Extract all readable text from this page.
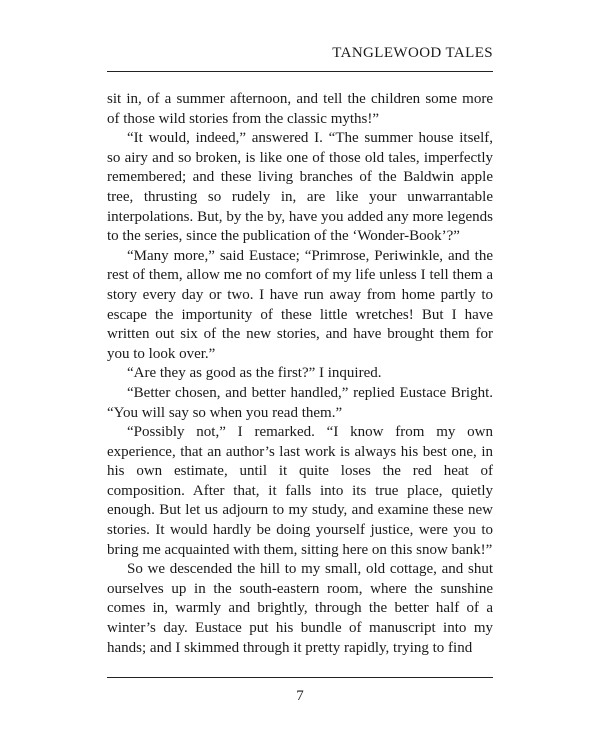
TANGLEWOOD TALES

sit in, of a summer afternoon, and tell the children some more of those wild stories from the classic myths!”

“It would, indeed,” answered I. “The summer house itself, so airy and so broken, is like one of those old tales, imperfectly remembered; and these living branches of the Baldwin apple tree, thrusting so rudely in, are like your unwarrantable interpolations. But, by the by, have you added any more legends to the series, since the publication of the ‘Wonder-Book’?”

“Many more,” said Eustace; “Primrose, Periwinkle, and the rest of them, allow me no comfort of my life unless I tell them a story every day or two. I have run away from home partly to escape the importunity of these little wretches! But I have written out six of the new stories, and have brought them for you to look over.”

“Are they as good as the first?” I inquired.

“Better chosen, and better handled,” replied Eustace Bright. “You will say so when you read them.”

“Possibly not,” I remarked. “I know from my own experience, that an author’s last work is always his best one, in his own estimate, until it quite loses the red heat of composition. After that, it falls into its true place, quietly enough. But let us adjourn to my study, and examine these new stories. It would hardly be doing yourself justice, were you to bring me acquainted with them, sitting here on this snow bank!”

So we descended the hill to my small, old cottage, and shut ourselves up in the south-eastern room, where the sunshine comes in, warmly and brightly, through the better half of a winter’s day. Eustace put his bundle of manuscript into my hands; and I skimmed through it pretty rapidly, trying to find

7
